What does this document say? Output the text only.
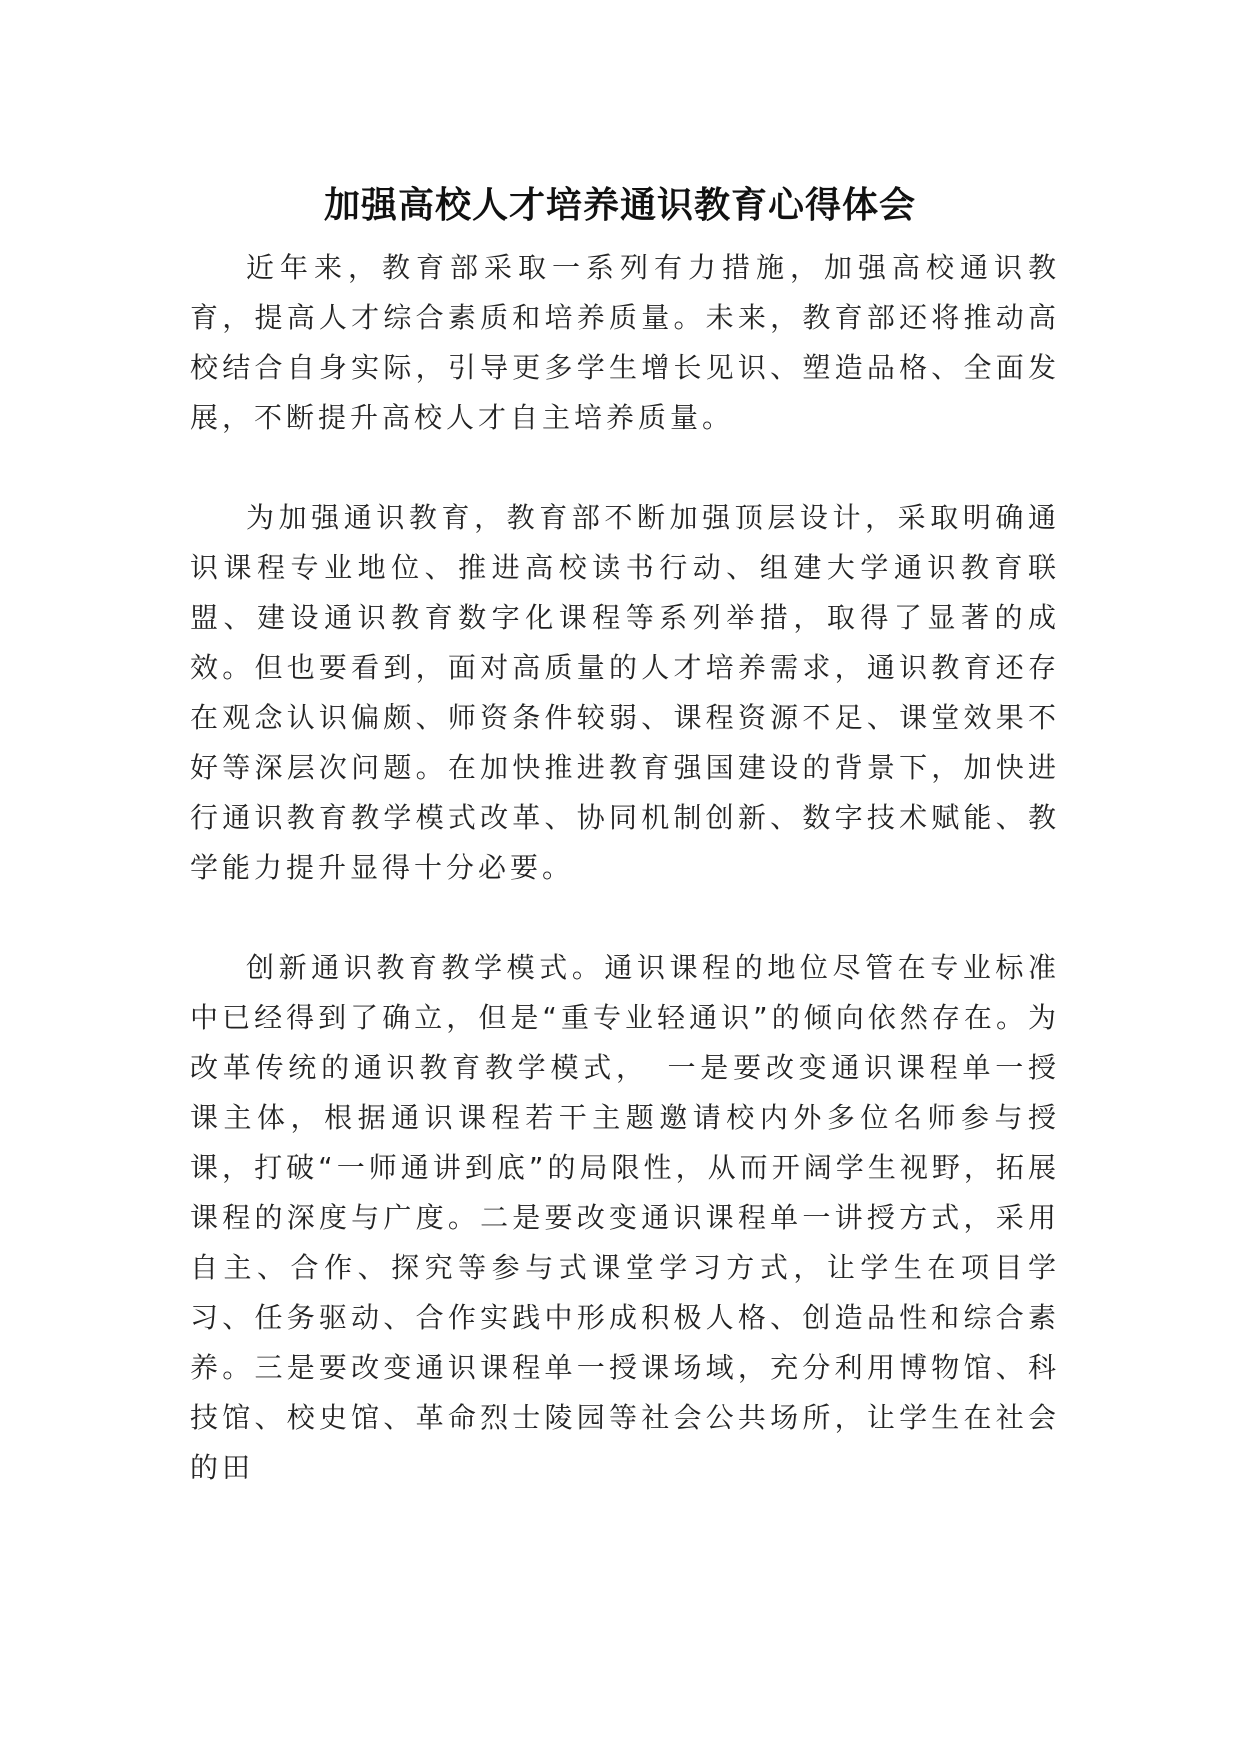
加强高校人才培养通识教育心得体会

近年来，教育部采取一系列有力措施，加强高校通识教育，提高人才综合素质和培养质量。未来，教育部还将推动高校结合自身实际，引导更多学生增长见识、塑造品格、全面发展，不断提升高校人才自主培养质量。

为加强通识教育，教育部不断加强顶层设计，采取明确通识课程专业地位、推进高校读书行动、组建大学通识教育联盟、建设通识教育数字化课程等系列举措，取得了显著的成效。但也要看到，面对高质量的人才培养需求，通识教育还存在观念认识偏颇、师资条件较弱、课程资源不足、课堂效果不好等深层次问题。在加快推进教育强国建设的背景下，加快进行通识教育教学模式改革、协同机制创新、数字技术赋能、教学能力提升显得十分必要。

创新通识教育教学模式。通识课程的地位尽管在专业标准中已经得到了确立，但是“重专业轻通识”的倾向依然存在。为改革传统的通识教育教学模式，　一是要改变通识课程单一授课主体，根据通识课程若干主题邀请校内外多位名师参与授课，打破“一师通讲到底”的局限性，从而开阔学生视野，拓展课程的深度与广度。二是要改变通识课程单一讲授方式，采用自主、合作、探究等参与式课堂学习方式，让学生在项目学习、任务驱动、合作实践中形成积极人格、创造品性和综合素养。三是要改变通识课程单一授课场域，充分利用博物馆、科技馆、校史馆、革命烈士陵园等社会公共场所，让学生在社会的田
